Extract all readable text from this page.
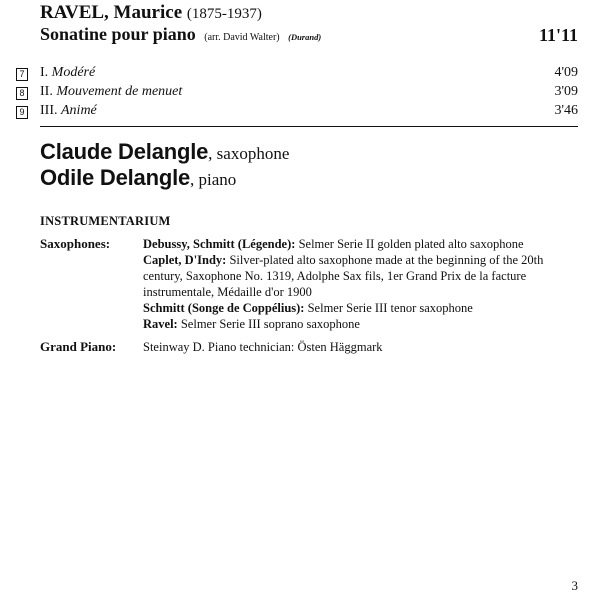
RAVEL, Maurice (1875-1937)
Sonatine pour piano (arr. David Walter) (Durand)	11'11
7 I. Modéré	4'09
8 II. Mouvement de menuet	3'09
9 III. Animé	3'46
Claude Delangle, saxophone
Odile Delangle, piano
INSTRUMENTARIUM
Saxophones:	Debussy, Schmitt (Légende): Selmer Serie II golden plated alto saxophone
Caplet, D'Indy: Silver-plated alto saxophone made at the beginning of the 20th century, Saxophone No. 1319, Adolphe Sax fils, 1er Grand Prix de la facture instrumentale, Médaille d'or 1900
Schmitt (Songe de Coppélius): Selmer Serie III tenor saxophone
Ravel: Selmer Serie III soprano saxophone
Grand Piano: Steinway D. Piano technician: Östen Häggmark
3
